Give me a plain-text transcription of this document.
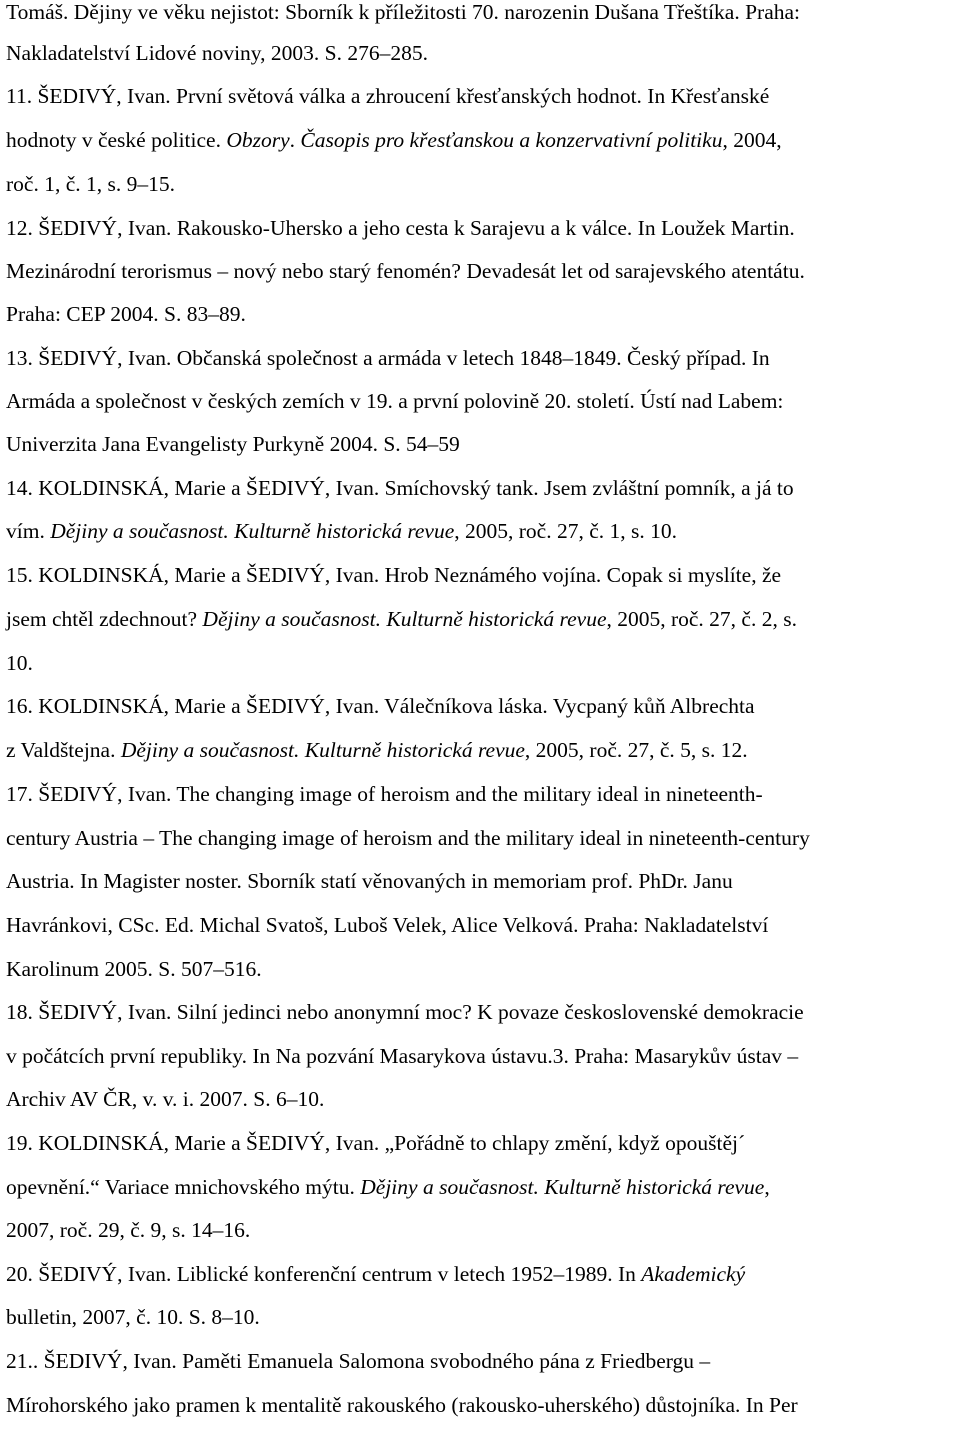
Tomáš. Dějiny ve věku nejistot: Sborník k příležitosti 70. narozenin Dušana Třeštíka. Praha:
Nakladatelství Lidové noviny, 2003. S. 276–285.
11. ŠEDIVÝ, Ivan. První světová válka a zhroucení křesťanských hodnot. In Křesťanské
hodnoty v české politice. Obzory. Časopis pro křesťanskou a konzervativní politiku, 2004,
roč. 1, č. 1, s. 9–15.
12. ŠEDIVÝ, Ivan. Rakousko-Uhersko a jeho cesta k Sarajevu a k válce. In Loužek Martin.
Mezinárodní terorismus – nový nebo starý fenomén? Devadesát let od sarajevského atentátu.
Praha: CEP 2004. S. 83–89.
13. ŠEDIVÝ, Ivan. Občanská společnost a armáda v letech 1848–1849. Český případ. In
Armáda a společnost v českých zemích v 19. a první polovině 20. století. Ústí nad Labem:
Univerzita Jana Evangelisty Purkyně 2004. S. 54–59
14. KOLDINSKÁ, Marie a ŠEDIVÝ, Ivan. Smíchovský tank. Jsem zvláštní pomník, a já to
vím. Dějiny a současnost. Kulturně historická revue, 2005, roč. 27, č. 1, s. 10.
15. KOLDINSKÁ, Marie a ŠEDIVÝ, Ivan. Hrob Neznámého vojína. Copak si myslíte, že
jsem chtěl zdechnout? Dějiny a současnost. Kulturně historická revue, 2005, roč. 27, č. 2, s.
10.
16. KOLDINSKÁ, Marie a ŠEDIVÝ, Ivan. Válečníkova láska. Vycpaný kůň Albrechta
z Valdštejna. Dějiny a současnost. Kulturně historická revue, 2005, roč. 27, č. 5, s. 12.
17. ŠEDIVÝ, Ivan. The changing image of heroism and the military ideal in nineteenth-
century Austria – The changing image of heroism and the military ideal in nineteenth-century
Austria. In Magister noster. Sborník statí věnovaných in memoriam prof. PhDr. Janu
Havránkovi, CSc. Ed. Michal Svatoš, Luboš Velek, Alice Velková. Praha: Nakladatelství
Karolinum 2005. S. 507–516.
18. ŠEDIVÝ, Ivan. Silní jedinci nebo anonymní moc? K povaze československé demokracie
v počátcích první republiky. In Na pozvání Masarykova ústavu.3. Praha: Masarykův ústav –
Archiv AV ČR, v. v. i. 2007. S. 6–10.
19. KOLDINSKÁ, Marie a ŠEDIVÝ, Ivan. „Pořádně to chlapy změní, když opouštěj´
opevnění.“ Variace mnichovského mýtu. Dějiny a současnost. Kulturně historická revue,
2007, roč. 29, č. 9, s. 14–16.
20. ŠEDIVÝ, Ivan. Liblické konferenční centrum v letech 1952–1989. In Akademický
bulletin, 2007, č. 10. S. 8–10.
21.. ŠEDIVÝ, Ivan. Paměti Emanuela Salomona svobodného pána z Friedbergu –
Mírohorského jako pramen k mentalitě rakouského (rakousko-uherského) důstojníka. In Per
